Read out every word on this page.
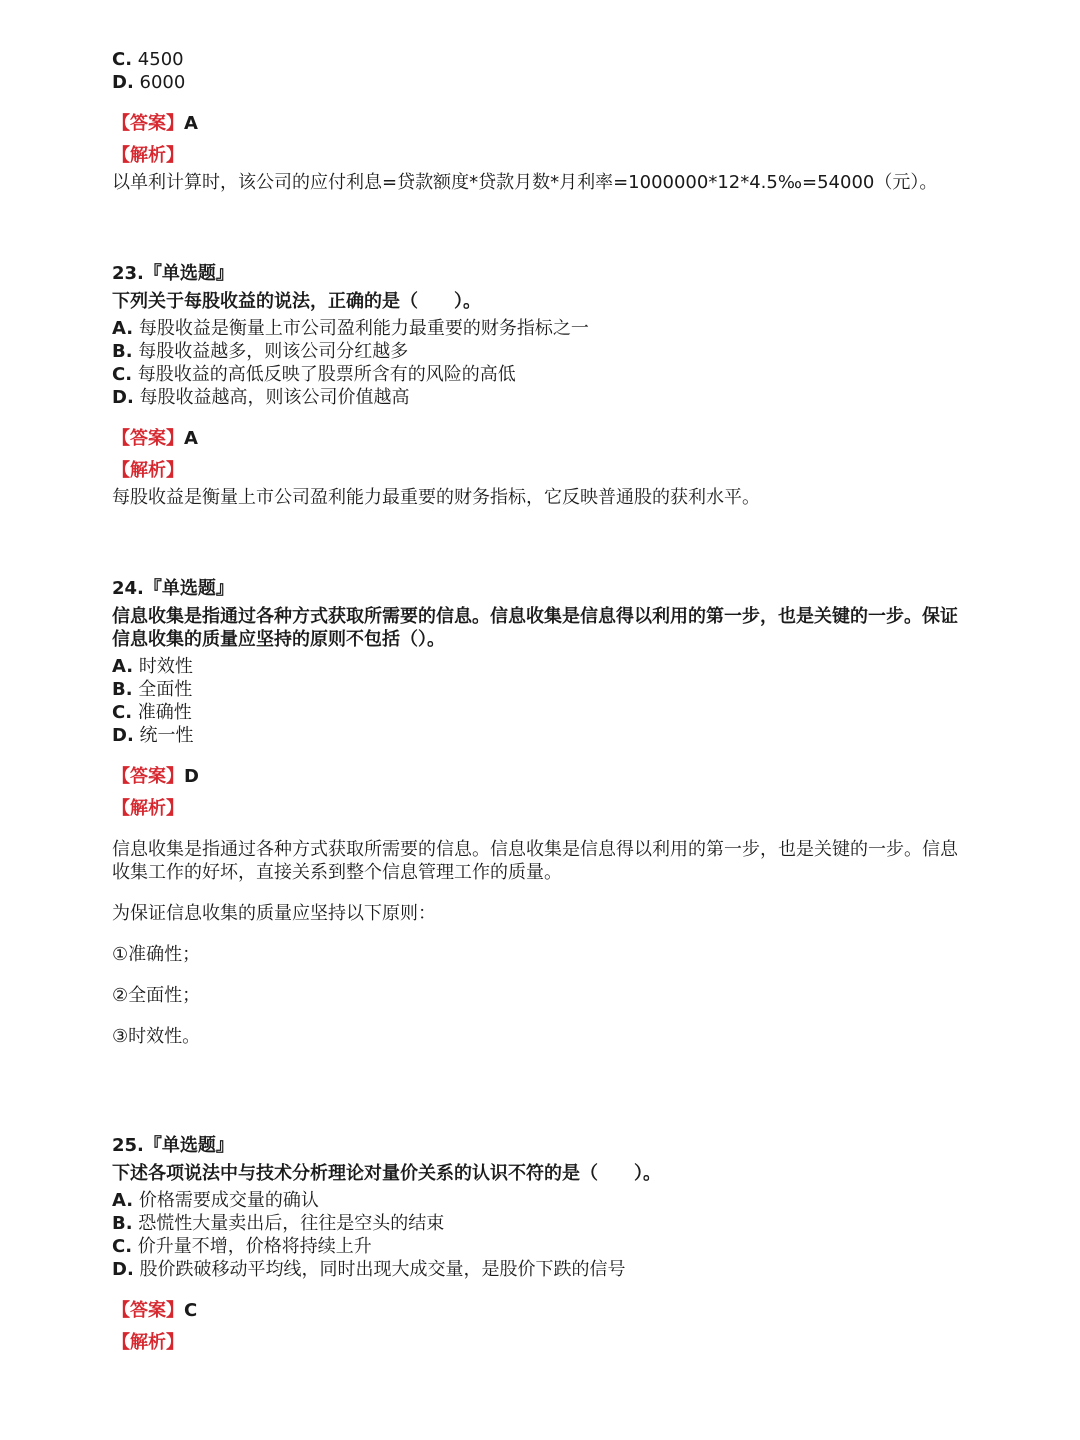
C. 4500
D. 6000
【答案】A
【解析】
以单利计算时，该公司的应付利息=贷款额度*贷款月数*月利率=1000000*12*4.5‰=54000（元）。
23.『单选题』
下列关于每股收益的说法，正确的是（　　）。
A. 每股收益是衡量上市公司盈利能力最重要的财务指标之一
B. 每股收益越多，则该公司分红越多
C. 每股收益的高低反映了股票所含有的风险的高低
D. 每股收益越高，则该公司价值越高
【答案】A
【解析】
每股收益是衡量上市公司盈利能力最重要的财务指标，它反映普通股的获利水平。
24.『单选题』
信息收集是指通过各种方式获取所需要的信息。信息收集是信息得以利用的第一步，也是关键的一步。保证
信息收集的质量应坚持的原则不包括（）。
A. 时效性
B. 全面性
C. 准确性
D. 统一性
【答案】D
【解析】
信息收集是指通过各种方式获取所需要的信息。信息收集是信息得以利用的第一步，也是关键的一步。信息
收集工作的好坏，直接关系到整个信息管理工作的质量。
为保证信息收集的质量应坚持以下原则：
①准确性；
②全面性；
③时效性。
25.『单选题』
下述各项说法中与技术分析理论对量价关系的认识不符的是（　　）。
A. 价格需要成交量的确认
B. 恐慌性大量卖出后，往往是空头的结束
C. 价升量不增，价格将持续上升
D. 股价跌破移动平均线，同时出现大成交量，是股价下跌的信号
【答案】C
【解析】
